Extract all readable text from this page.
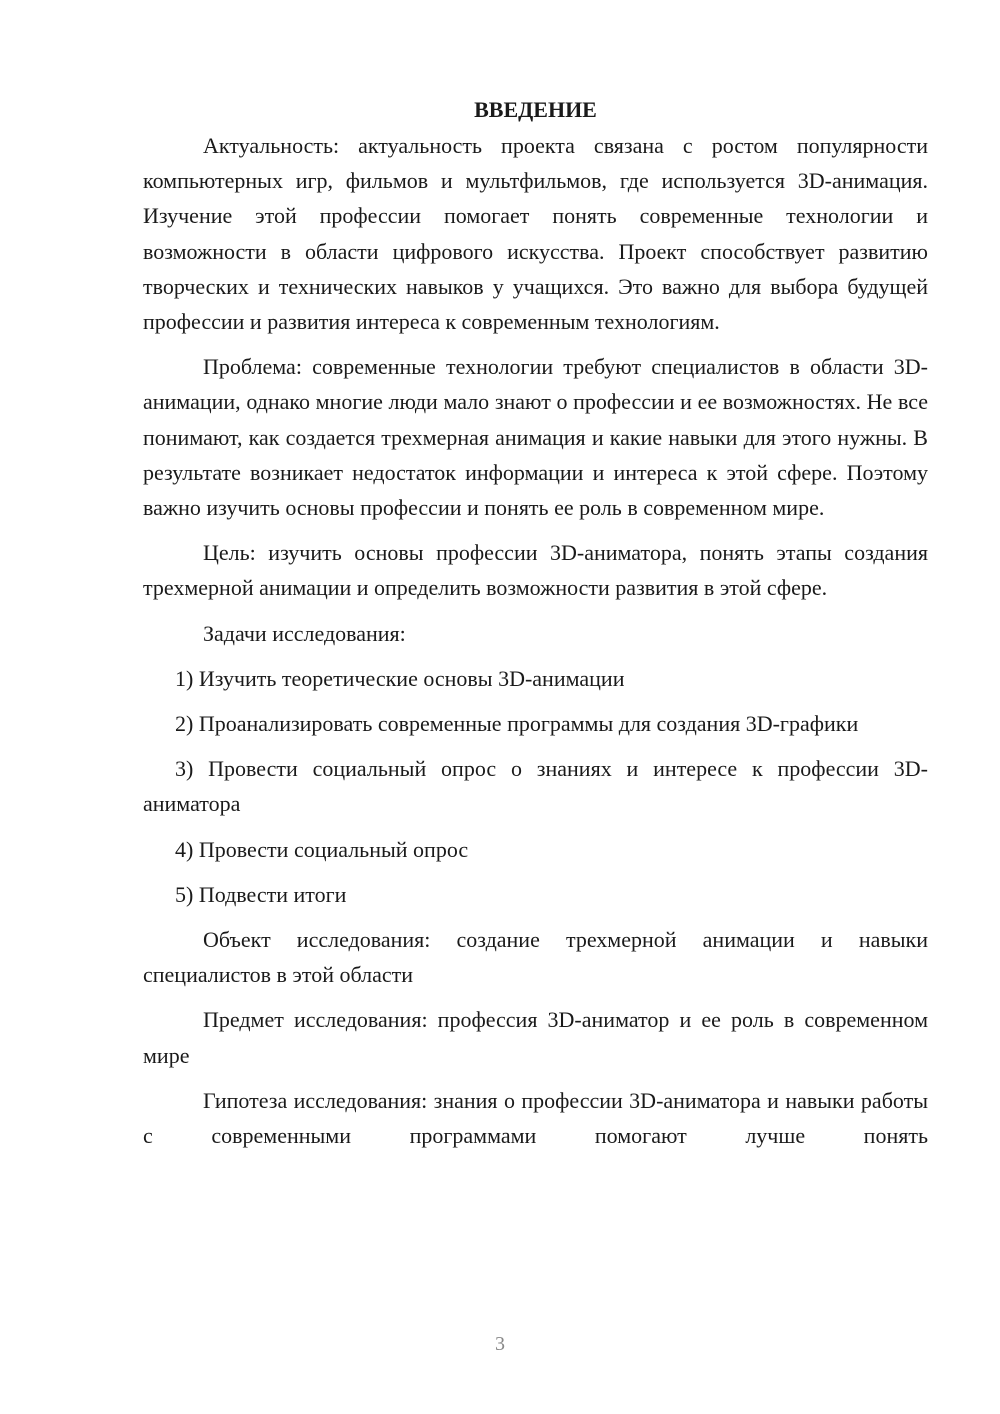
ВВЕДЕНИЕ

Актуальность: актуальность проекта связана с ростом популярности компьютерных игр, фильмов и мультфильмов, где используется 3D-анимация. Изучение этой профессии помогает понять современные технологии и возможности в области цифрового искусства. Проект способствует развитию творческих и технических навыков у учащихся. Это важно для выбора будущей профессии и развития интереса к современным технологиям.

Проблема: современные технологии требуют специалистов в области 3D-анимации, однако многие люди мало знают о профессии и ее возможностях. Не все понимают, как создается трехмерная анимация и какие навыки для этого нужны. В результате возникает недостаток информации и интереса к этой сфере. Поэтому важно изучить основы профессии и понять ее роль в современном мире.

Цель: изучить основы профессии 3D-аниматора, понять этапы создания трехмерной анимации и определить возможности развития в этой сфере.

Задачи исследования:

1) Изучить теоретические основы 3D-анимации

2) Проанализировать современные программы для создания 3D-графики

3) Провести социальный опрос о знаниях и интересе к профессии 3D-аниматора

4) Провести социальный опрос

5) Подвести итоги

Объект исследования: создание трехмерной анимации и навыки специалистов в этой области

Предмет исследования: профессия 3D-аниматор и ее роль в современном мире

Гипотеза исследования: знания о профессии 3D-аниматора и навыки работы с современными программами помогают лучше понять

3
